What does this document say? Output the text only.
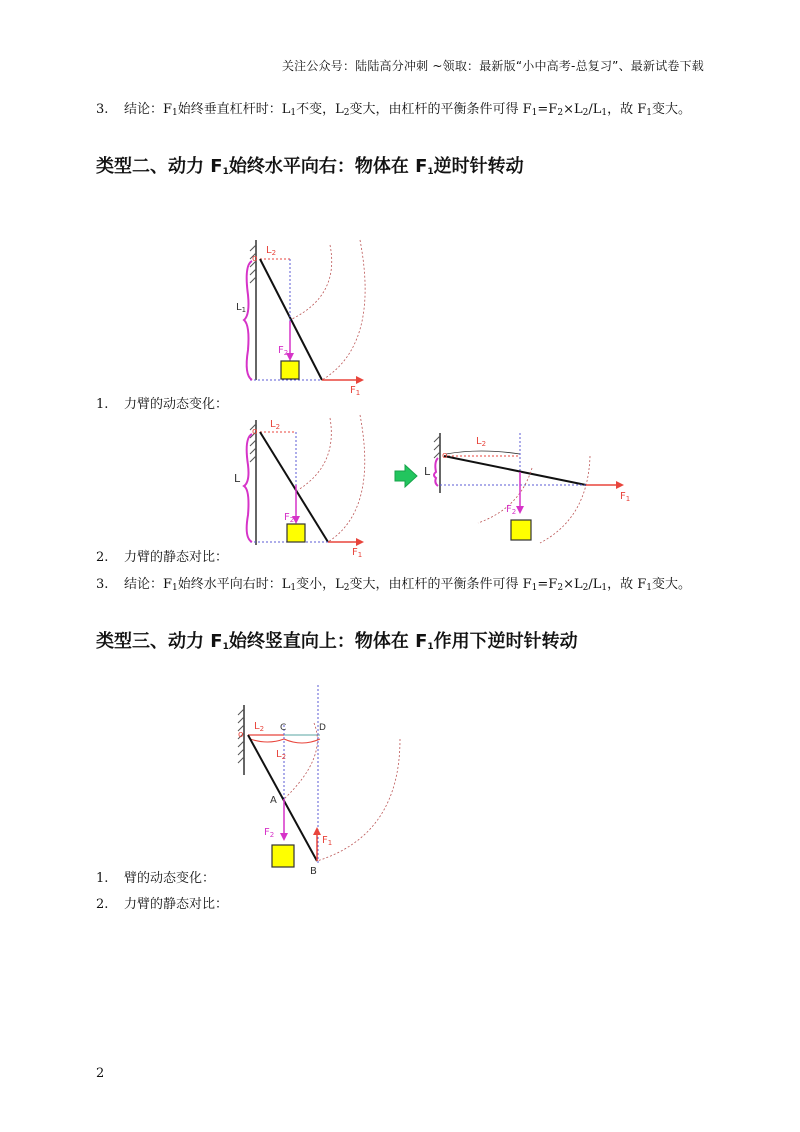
关注公众号：陆陆高分冲刺 ~领取：最新版“小中高考-总复习”、最新试卷下载
3. 结论：$F_1$始终垂直杠杆时：$L_1$不变，$L_2$变大，由杠杆的平衡条件可得 $F_1=F_2\times L_2/L_1$，故 $F_1$变大。
类型二、动力 $F_1$始终水平向右：物体在 $F_1$逆时针转动
o
$L_2$
$L_1$
$F_2$
$F_1$
1. 力臂的动态变化：
o
$L_2$
L
$F_2$
$F_1$
o
$L_2$
L
$F_2$
$F_1$
2. 力臂的静态对比：
3. 结论：$F_1$始终水平向右时：$L_1$变小，$L_2$变大，由杠杆的平衡条件可得 $F_1=F_2\times L_2/L_1$，故 $F_1$变大。
类型三、动力 $F_1$始终竖直向上：物体在 $F_1$作用下逆时针转动
o
$L_2$ C	D
$L_2$
A
B
$F_2$	$F_1$
1. 臂的动态变化：
2. 力臂的静态对比：
2
